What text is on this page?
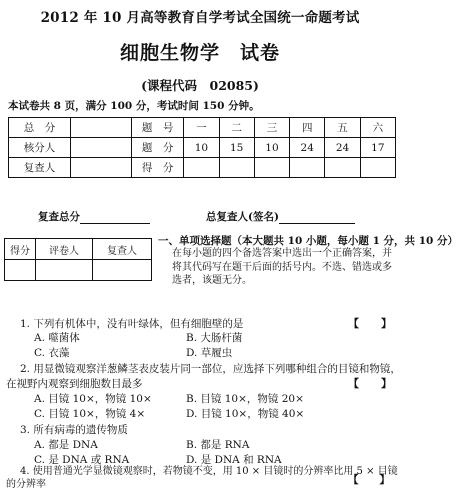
2012 年 10 月高等教育自学考试全国统一命题考试
细胞生物学　试卷
(课程代码　02085)
本试卷共 8 页，满分 100 分，考试时间 150 分钟。
总　分		题　号	一	二	三	四	五	六
核分人		题　分	10	15	10	24	24	17
复查人		得　分						
复查总分	总复查人(签名)
得分	评卷人	复查人

一、单项选择题（本大题共 10 小题，每小题 1 分，共 10 分）
在每小题的四个备选答案中选出一个正确答案，并将其代码写在题干后面的括号内。不选、错选或多选者，该题无分。
1. 下列有机体中，没有叶绿体，但有细胞壁的是	【　　】
A. 噬菌体	B. 大肠杆菌
C. 衣藻	D. 草履虫
2. 用显微镜观察洋葱鳞茎表皮装片同一部位，应选择下列哪种组合的目镜和物镜，
在视野内观察到细胞数目最多	【　　】
A. 目镜 10×，物镜 10×	B. 目镜 10×，物镜 20×
C. 目镜 10×，物镜 4×	D. 目镜 10×，物镜 40×
3. 所有病毒的遗传物质
A. 都是 DNA	B. 都是 RNA
C. 是 DNA 或 RNA	D. 是 DNA 和 RNA
4. 使用普通光学显微镜观察时，若物镜不变，用 10 × 目镜时的分辨率比用 5 × 目镜
的分辨率	【　　】
